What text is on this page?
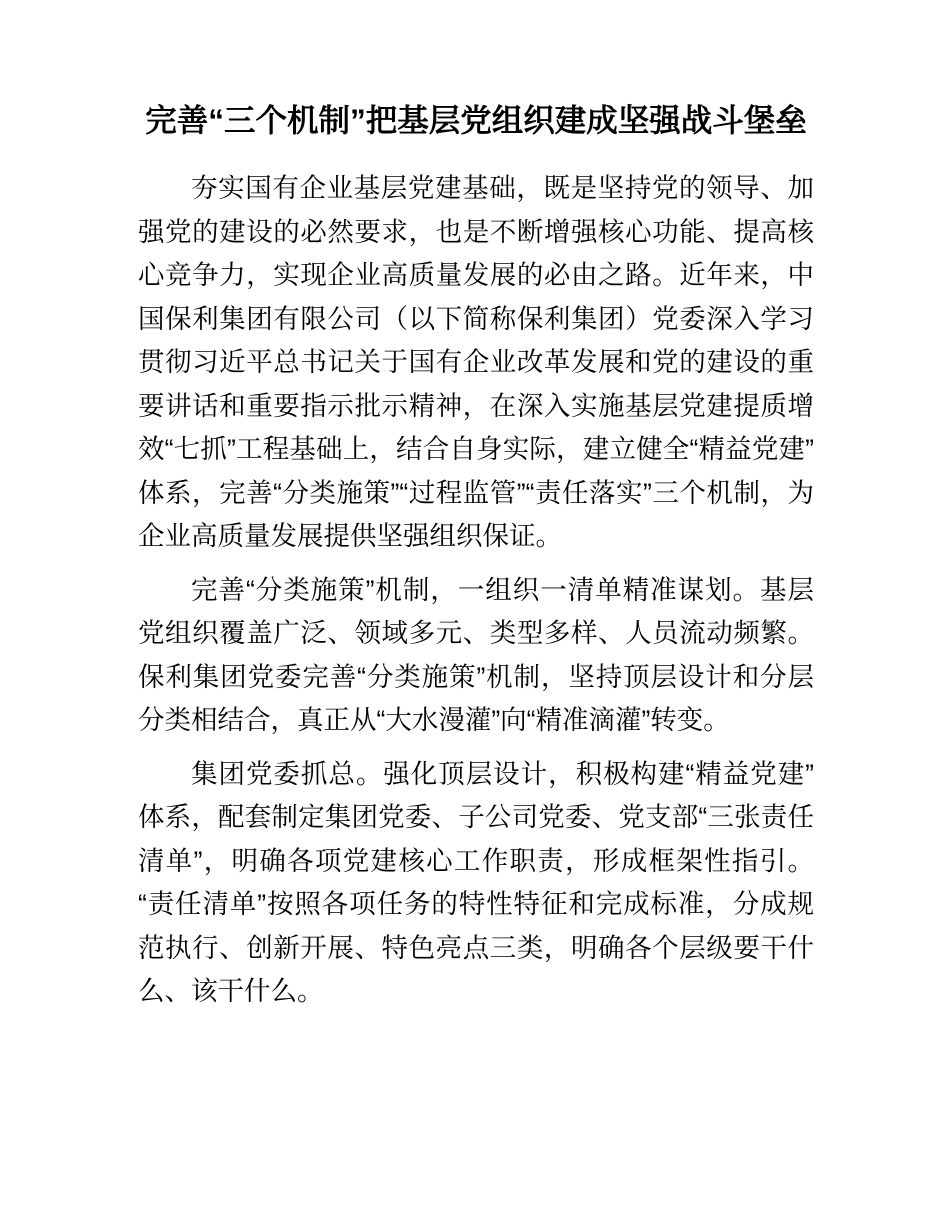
完善“三个机制”把基层党组织建成坚强战斗堡垒

夯实国有企业基层党建基础，既是坚持党的领导、加强党的建设的必然要求，也是不断增强核心功能、提高核心竞争力，实现企业高质量发展的必由之路。近年来，中国保利集团有限公司（以下简称保利集团）党委深入学习贯彻习近平总书记关于国有企业改革发展和党的建设的重要讲话和重要指示批示精神，在深入实施基层党建提质增效“七抓”工程基础上，结合自身实际，建立健全“精益党建”体系，完善“分类施策”“过程监管”“责任落实”三个机制，为企业高质量发展提供坚强组织保证。

完善“分类施策”机制，一组织一清单精准谋划。基层党组织覆盖广泛、领域多元、类型多样、人员流动频繁。保利集团党委完善“分类施策”机制，坚持顶层设计和分层分类相结合，真正从“大水漫灌”向“精准滴灌”转变。

集团党委抓总。强化顶层设计，积极构建“精益党建”体系，配套制定集团党委、子公司党委、党支部“三张责任清单”，明确各项党建核心工作职责，形成框架性指引。“责任清单”按照各项任务的特性特征和完成标准，分成规范执行、创新开展、特色亮点三类，明确各个层级要干什么、该干什么。
